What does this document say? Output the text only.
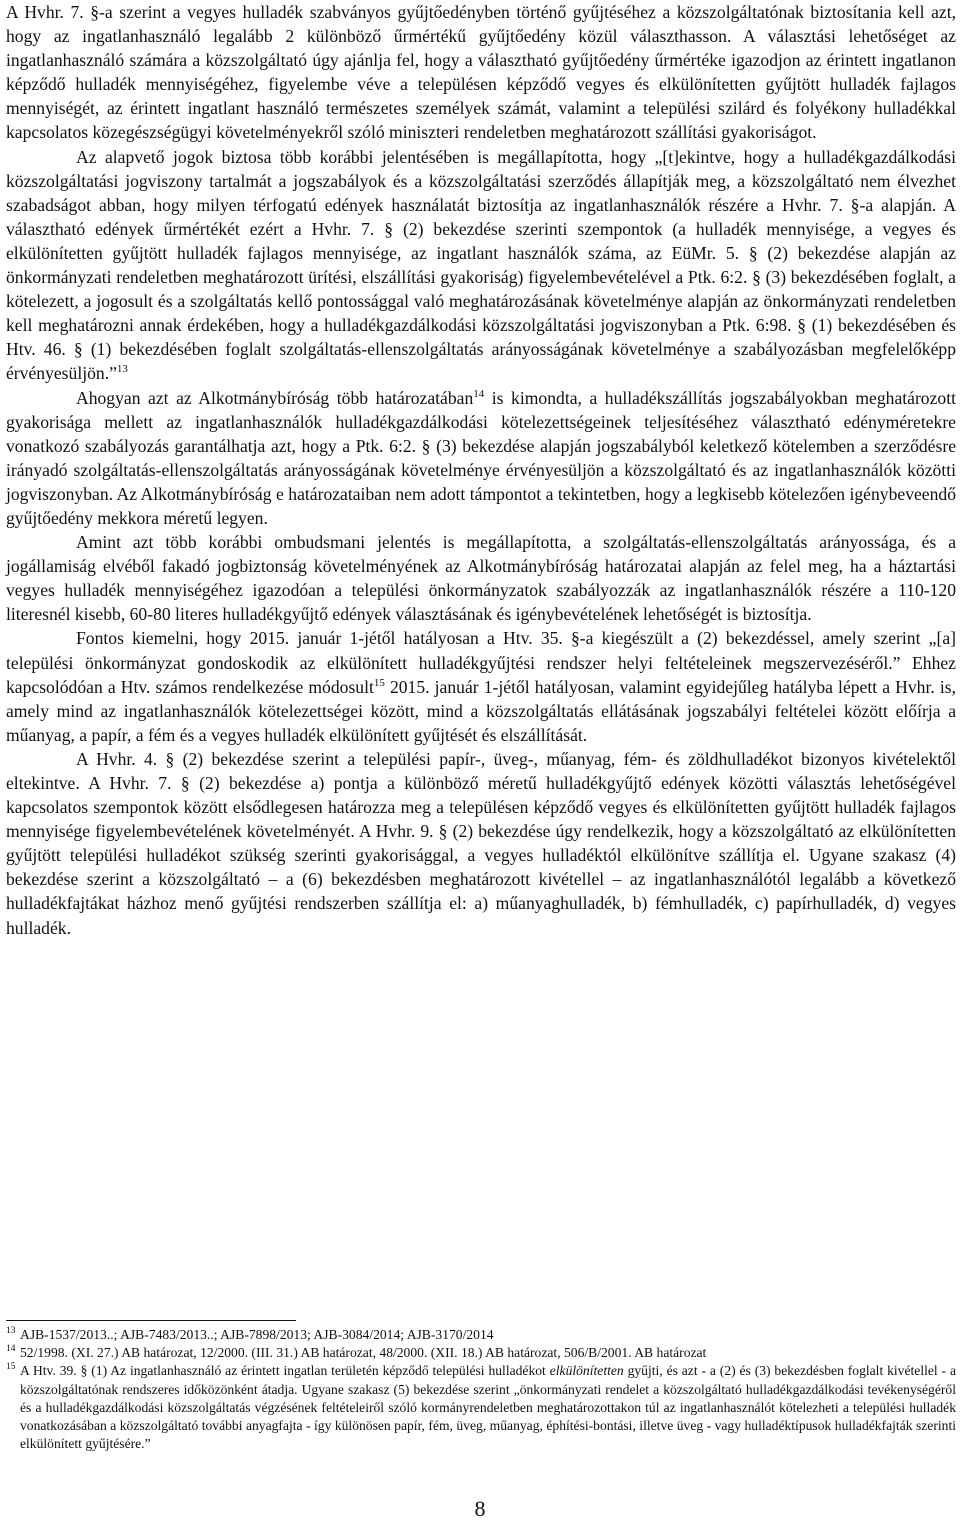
A Hvhr. 7. §-a szerint a vegyes hulladék szabványos gyűjtőedényben történő gyűjtéséhez a közszolgáltatónak biztosítania kell azt, hogy az ingatlanhasználó legalább 2 különböző űrmértékű gyűjtőedény közül választhasson. A választási lehetőséget az ingatlanhasználó számára a közszolgáltató úgy ajánlja fel, hogy a választható gyűjtőedény űrmértéke igazodjon az érintett ingatlanon képződő hulladék mennyiségéhez, figyelembe véve a településen képződő vegyes és elkülönítetten gyűjtött hulladék fajlagos mennyiségét, az érintett ingatlant használó természetes személyek számát, valamint a települési szilárd és folyékony hulladékkal kapcsolatos közegészségügyi követelményekről szóló miniszteri rendeletben meghatározott szállítási gyakoriságot.

Az alapvető jogok biztosa több korábbi jelentésében is megállapította, hogy „[t]ekintve, hogy a hulladékgazdálkodási közszolgáltatási jogviszony tartalmát a jogszabályok és a közszolgáltatási szerződés állapítják meg, a közszolgáltató nem élvezhet szabadságot abban, hogy milyen térfogatú edények használatát biztosítja az ingatlanhasználók részére a Hvhr. 7. §-a alapján. A választható edények űrmértékét ezért a Hvhr. 7. § (2) bekezdése szerinti szempontok (a hulladék mennyisége, a vegyes és elkülönítetten gyűjtött hulladék fajlagos mennyisége, az ingatlant használók száma, az EüMr. 5. § (2) bekezdése alapján az önkormányzati rendeletben meghatározott ürítési, elszállítási gyakoriság) figyelembevételével a Ptk. 6:2. § (3) bekezdésében foglalt, a kötelezett, a jogosult és a szolgáltatás kellő pontossággal való meghatározásának követelménye alapján az önkormányzati rendeletben kell meghatározni annak érdekében, hogy a hulladékgazdálkodási közszolgáltatási jogviszonyban a Ptk. 6:98. § (1) bekezdésében és Htv. 46. § (1) bekezdésében foglalt szolgáltatás-ellenszolgáltatás arányosságának követelménye a szabályozásban megfelelőképp érvényesüljön.”$^{13}$

Ahogyan azt az Alkotmánybíróság több határozatában$^{14}$ is kimondta, a hulladékszállítás jogszabályokban meghatározott gyakorisága mellett az ingatlanhasználók hulladékgazdálkodási kötelezettségeinek teljesítéséhez választható edényméretekre vonatkozó szabályozás garantálhatja azt, hogy a Ptk. 6:2. § (3) bekezdése alapján jogszabályból keletkező kötelemben a szerződésre irányadó szolgáltatás-ellenszolgáltatás arányosságának követelménye érvényesüljön a közszolgáltató és az ingatlanhasználók közötti jogviszonyban. Az Alkotmánybíróság e határozataiban nem adott támpontot a tekintetben, hogy a legkisebb kötelezően igénybeveendő gyűjtőedény mekkora méretű legyen.

Amint azt több korábbi ombudsmani jelentés is megállapította, a szolgáltatás-ellenszolgáltatás arányossága, és a jogállamiság elvéből fakadó jogbiztonság követelményének az Alkotmánybíróság határozatai alapján az felel meg, ha a háztartási vegyes hulladék mennyiségéhez igazodóan a települési önkormányzatok szabályozzák az ingatlanhasználók részére a 110-120 literesnél kisebb, 60-80 literes hulladékgyűjtő edények választásának és igénybevételének lehetőségét is biztosítja.

Fontos kiemelni, hogy 2015. január 1-jétől hatályosan a Htv. 35. §-a kiegészült a (2) bekezdéssel, amely szerint „[a] települési önkormányzat gondoskodik az elkülönített hulladékgyűjtési rendszer helyi feltételeinek megszervezéséről.” Ehhez kapcsolódóan a Htv. számos rendelkezése módosult$^{15}$ 2015. január 1-jétől hatályosan, valamint egyidejűleg hatályba lépett a Hvhr. is, amely mind az ingatlanhasználók kötelezettségei között, mind a közszolgáltatás ellátásának jogszabályi feltételei között előírja a műanyag, a papír, a fém és a vegyes hulladék elkülönített gyűjtését és elszállítását.

A Hvhr. 4. § (2) bekezdése szerint a települési papír-, üveg-, műanyag, fém- és zöldhulladékot bizonyos kivételektől eltekintve. A Hvhr. 7. § (2) bekezdése a) pontja a különböző méretű hulladékgyűjtő edények közötti választás lehetőségével kapcsolatos szempontok között elsődlegesen határozza meg a településen képződő vegyes és elkülönítetten gyűjtött hulladék fajlagos mennyisége figyelembevételének követelményét. A Hvhr. 9. § (2) bekezdése úgy rendelkezik, hogy a közszolgáltató az elkülönítetten gyűjtött települési hulladékot szükség szerinti gyakorisággal, a vegyes hulladéktól elkülönítve szállítja el. Ugyane szakasz (4) bekezdése szerint a közszolgáltató – a (6) bekezdésben meghatározott kivétellel – az ingatlanhasználótól legalább a következő hulladékfajtákat házhoz menő gyűjtési rendszerben szállítja el: a) műanyaghulladék, b) fémhulladék, c) papírhulladék, d) vegyes hulladék.

13 AJB-1537/2013..; AJB-7483/2013..; AJB-7898/2013; AJB-3084/2014; AJB-3170/2014

14 52/1998. (XI. 27.) AB határozat, 12/2000. (III. 31.) AB határozat, 48/2000. (XII. 18.) AB határozat, 506/B/2001. AB határozat

15 A Htv. 39. § (1) Az ingatlanhasználó az érintett ingatlan területén képződő települési hulladékot elkülönítetten gyűjti, és azt - a (2) és (3) bekezdésben foglalt kivétellel - a közszolgáltatónak rendszeres időközönként átadja. Ugyane szakasz (5) bekezdése szerint „önkormányzati rendelet a közszolgáltató hulladékgazdálkodási tevékenységéről és a hulladékgazdálkodási közszolgáltatás végzésének feltételeiről szóló kormányrendeletben meghatározottakon túl az ingatlanhasználót kötelezheti a települési hulladék vonatkozásában a közszolgáltató további anyagfajta - így különösen papír, fém, üveg, műanyag, éphítési-bontási, illetve üveg - vagy hulladéktípusok hulladékfajták szerinti elkülönített gyűjtésére.”

8
